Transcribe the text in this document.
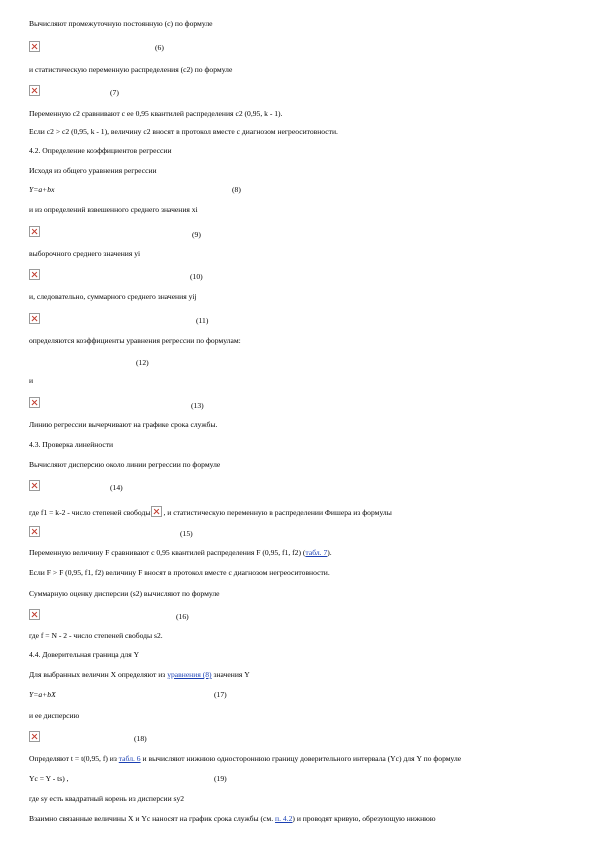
Вычисляют промежуточную постоянную (с) по формуле
(6)
и статистическую переменную распределения (c2) по формуле
(7)
Переменную c2 сравнивают с ее 0,95 квантилей распределения c2 (0,95, k - 1).
Если c2 > c2 (0,95, k - 1), величину c2 вносят в протокол вместе с диагнозом негреоситовности.
4.2. Определение коэффициентов регрессии
Исходя из общего уравнения регрессии
Y=a+bx	(8)
и из определений взвешенного среднего значения xi
(9)
выборочного среднего значения yi
(10)
и, следовательно, суммарного среднего значения yij
(11)
определяются коэффициенты уравнения регрессии по формулам:
(12)
и
(13)
Линию регрессии вычерчивают на графике срока службы.
4.3. Проверка линейности
Вычисляют дисперсию около линии регрессии по формуле
(14)
где f1 = k-2 - число степеней свободы , и статистическую переменную в распределении Фишера из формулы
(15)
Переменную величину F сравнивают с 0,95 квантилей распределения F (0,95, f1, f2) (табл. 7).
Если F > F (0,95, f1, f2) величину F вносят в протокол вместе с диагнозом негреоситовности.
Суммарную оценку дисперсии (s2) вычисляют по формуле
(16)
где f = N - 2 - число степеней свободы s2.
4.4. Доверительная граница для Y
Для выбранных величин X определяют из уравнения (8) значения Y
Y=a+bX	(17)
и ее дисперсию
(18)
Определяют t = t(0,95, f) из табл. 6 и вычисляют нижнюю одностороннюю границу доверительного интервала (Yc) для Y по формуле
Yc = Y - ts) ,	(19)
где sy есть квадратный корень из дисперсии sy2
Взаимно связанные величины X и Yc наносят на график срока службы (см. п. 4.2) и проводят кривую, обрезующую нижнюю
